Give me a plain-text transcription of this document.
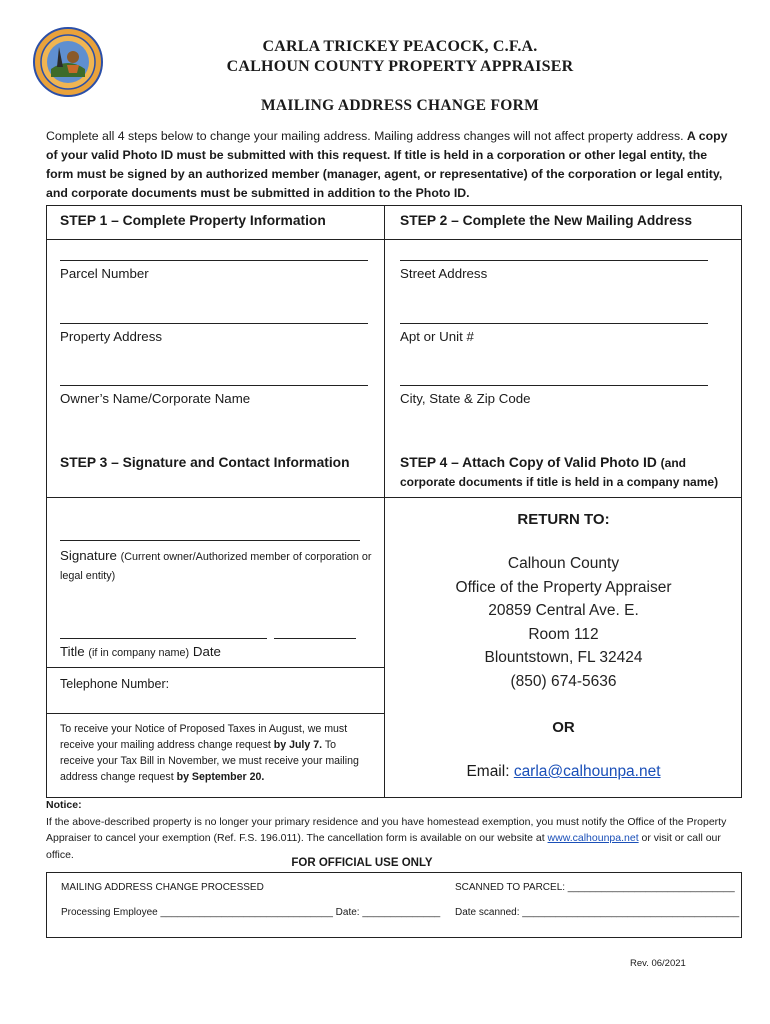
CARLA TRICKEY PEACOCK, C.F.A.
CALHOUN COUNTY PROPERTY APPRAISER
MAILING ADDRESS CHANGE FORM
Complete all 4 steps below to change your mailing address. Mailing address changes will not affect property address. A copy of your valid Photo ID must be submitted with this request. If title is held in a corporation or other legal entity, the form must be signed by an authorized member (manager, agent, or representative) of the corporation or legal entity, and corporate documents must be submitted in addition to the Photo ID.
STEP 1 – Complete Property Information
Parcel Number
Property Address
Owner’s Name/Corporate Name
STEP 2 – Complete the New Mailing Address
Street Address
Apt or Unit #
City, State & Zip Code
STEP 3 – Signature and Contact Information	STEP 4 – Attach Copy of Valid Photo ID (and
corporate documents if title is held in a company name)
Signature (Current owner/Authorized member of corporation or legal entity)
Title (if in company name) Date
Telephone Number:
To receive your Notice of Proposed Taxes in August, we must receive your mailing address change request by July 7. To receive your Tax Bill in November, we must receive your mailing address change request by September 20.
RETURN TO:
Calhoun County
Office of the Property Appraiser
20859 Central Ave. E.
Room 112
Blountstown, FL 32424
(850) 674-5636
OR
Email: carla@calhounpa.net
Notice:
If the above-described property is no longer your primary residence and you have homestead exemption, you must notify the Office of the Property Appraiser to cancel your exemption (Ref. F.S. 196.011). The cancellation form is available on our website at www.calhounpa.net or visit or call our office.
FOR OFFICIAL USE ONLY
MAILING ADDRESS CHANGE PROCESSED	SCANNED TO PARCEL: ______________________________
Processing Employee _______________________________ Date: ______________ Date scanned: _______________________________________
Rev. 06/2021
